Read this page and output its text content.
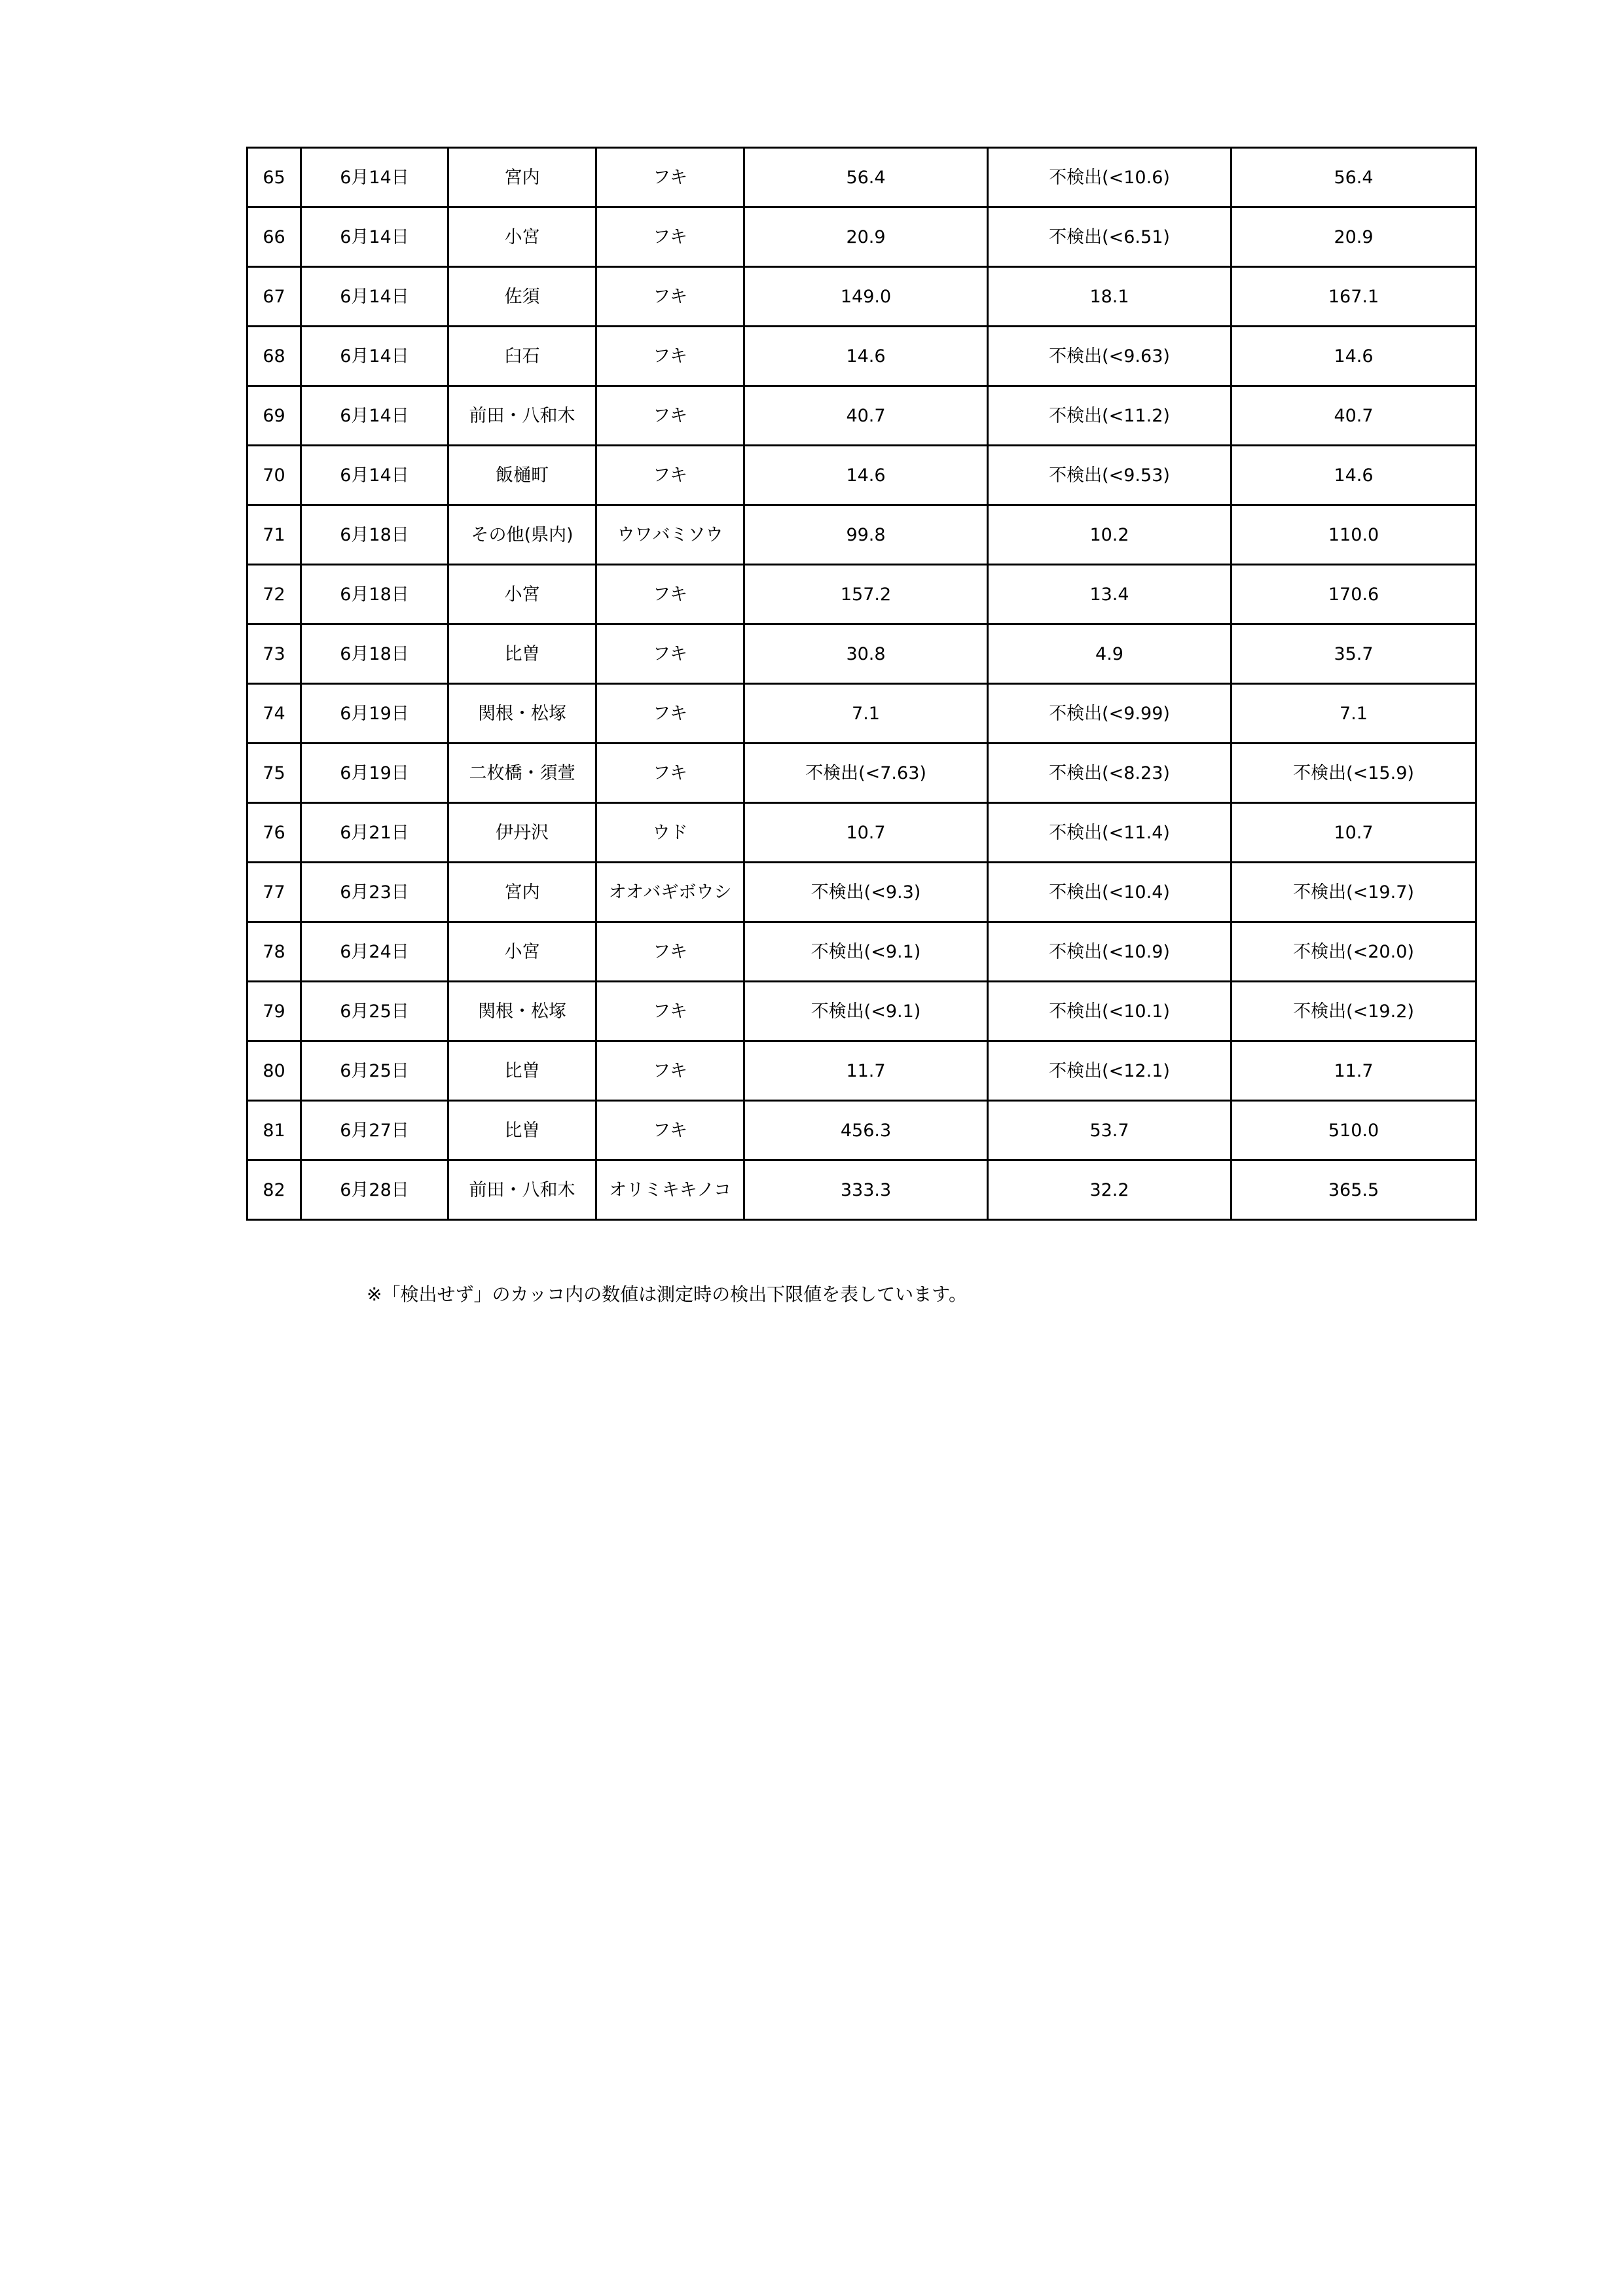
65	6月14日	宮内	フキ	56.4	不検出(<10.6)	56.4
66	6月14日	小宮	フキ	20.9	不検出(<6.51)	20.9
67	6月14日	佐須	フキ	149.0	18.1	167.1
68	6月14日	臼石	フキ	14.6	不検出(<9.63)	14.6
69	6月14日	前田・八和木	フキ	40.7	不検出(<11.2)	40.7
70	6月14日	飯樋町	フキ	14.6	不検出(<9.53)	14.6
71	6月18日	その他(県内)	ウワバミソウ	99.8	10.2	110.0
72	6月18日	小宮	フキ	157.2	13.4	170.6
73	6月18日	比曽	フキ	30.8	4.9	35.7
74	6月19日	関根・松塚	フキ	7.1	不検出(<9.99)	7.1
75	6月19日	二枚橋・須萱	フキ	不検出(<7.63)	不検出(<8.23)	不検出(<15.9)
76	6月21日	伊丹沢	ウド	10.7	不検出(<11.4)	10.7
77	6月23日	宮内	オオバギボウシ	不検出(<9.3)	不検出(<10.4)	不検出(<19.7)
78	6月24日	小宮	フキ	不検出(<9.1)	不検出(<10.9)	不検出(<20.0)
79	6月25日	関根・松塚	フキ	不検出(<9.1)	不検出(<10.1)	不検出(<19.2)
80	6月25日	比曽	フキ	11.7	不検出(<12.1)	11.7
81	6月27日	比曽	フキ	456.3	53.7	510.0
82	6月28日	前田・八和木	オリミキキノコ	333.3	32.2	365.5
※「検出せず」のカッコ内の数値は測定時の検出下限値を表しています。
